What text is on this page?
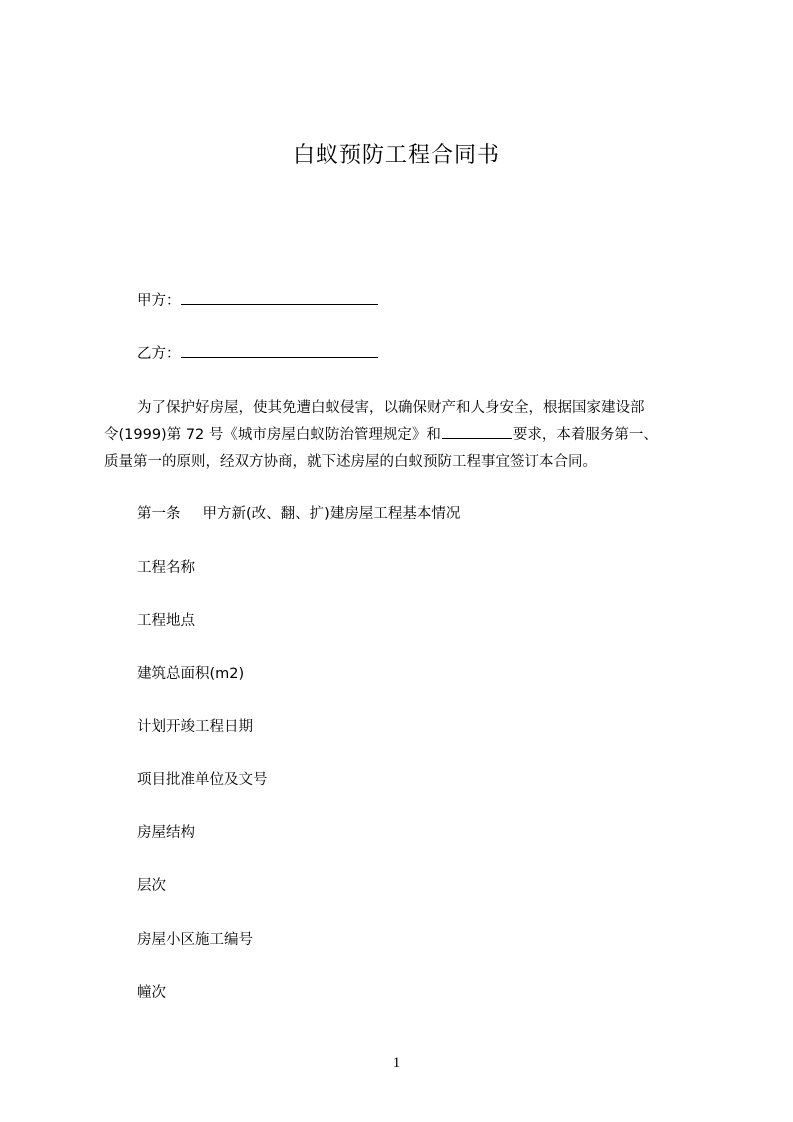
白蚁预防工程合同书
甲方：
乙方：
为了保护好房屋，使其免遭白蚁侵害，以确保财产和人身安全，根据国家建设部
令(1999)第 72 号《城市房屋白蚁防治管理规定》和	要求，本着服务第一、
质量第一的原则，经双方协商，就下述房屋的白蚁预防工程事宜签订本合同。
第一条 甲方新(改、翻、扩)建房屋工程基本情况
工程名称
工程地点
建筑总面积(m2)
计划开竣工程日期
项目批准单位及文号
房屋结构
层次
房屋小区施工编号
幢次
1
